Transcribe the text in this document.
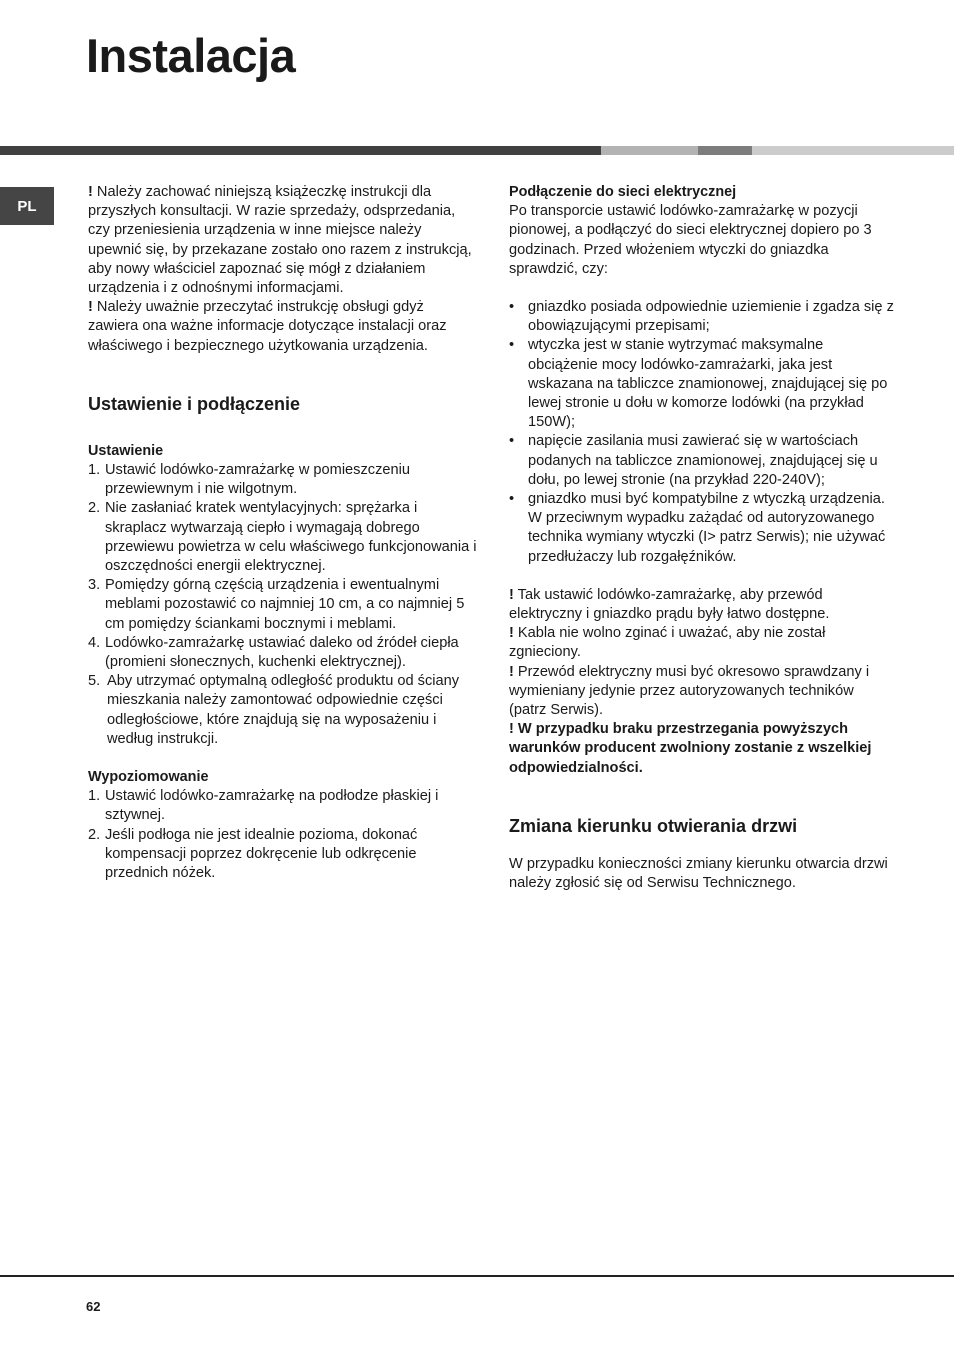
Instalacja
PL

! Należy zachować niniejszą książeczkę instrukcji dla przyszłych konsultacji. W razie sprzedaży, odsprzedania, czy przeniesienia urządzenia w inne miejsce należy upewnić się, by przekazane zostało ono razem z instrukcją, aby nowy właściciel zapoznać się mógł z działaniem urządzenia i z odnośnymi informacjami.

! Należy uważnie przeczytać instrukcję obsługi gdyż zawiera ona ważne informacje dotyczące instalacji oraz właściwego i bezpiecznego użytkowania urządzenia.

Ustawienie i podłączenie
Ustawienie
1. Ustawić lodówko-zamrażarkę w pomieszczeniu przewiewnym i nie wilgotnym.
2. Nie zasłaniać kratek wentylacyjnych: sprężarka i skraplacz wytwarzają ciepło i wymagają dobrego przewiewu powietrza w celu właściwego funkcjonowania i oszczędności energii elektrycznej.
3. Pomiędzy górną częścią urządzenia i ewentualnymi meblami pozostawić co najmniej 10 cm, a co najmniej 5 cm pomiędzy ściankami bocznymi i meblami.
4. Lodówko-zamrażarkę ustawiać daleko od źródeł ciepła (promieni słonecznych, kuchenki elektrycznej).
5. Aby utrzymać optymalną odległość produktu od ściany mieszkania należy zamontować odpowiednie części odległościowe, które znajdują się na wyposażeniu i według instrukcji.
Wypoziomowanie
1. Ustawić lodówko-zamrażarkę na podłodze płaskiej i sztywnej.
2. Jeśli podłoga nie jest idealnie pozioma, dokonać kompensacji poprzez dokręcenie lub odkręcenie przednich nóżek.
Podłączenie do sieci elektrycznej

Po transporcie ustawić lodówko-zamrażarkę w pozycji pionowej, a podłączyć do sieci elektrycznej dopiero po 3 godzinach. Przed włożeniem wtyczki do gniazdka sprawdzić, czy:

• gniazdko posiada odpowiednie uziemienie i zgadza się z obowiązującymi przepisami;
• wtyczka jest w stanie wytrzymać maksymalne obciążenie mocy lodówko-zamrażarki, jaka jest wskazana na tabliczce znamionowej, znajdującej się po lewej stronie u dołu w komorze lodówki (na przykład 150W);
• napięcie zasilania musi zawierać się w wartościach podanych na tabliczce znamionowej, znajdującej się u dołu, po lewej stronie (na przykład 220-240V);
• gniazdko musi być kompatybilne z wtyczką urządzenia.
W przeciwnym wypadku zażądać od autoryzowanego technika wymiany wtyczki (I> patrz Serwis); nie używać przedłużaczy lub rozgałęźników.

! Tak ustawić lodówko-zamrażarkę, aby przewód elektryczny i gniazdko prądu były łatwo dostępne.

! Kabla nie wolno zginać i uważać, aby nie został zgnieciony.

! Przewód elektryczny musi być okresowo sprawdzany i wymieniany jedynie przez autoryzowanych techników (patrz Serwis).

! W przypadku braku przestrzegania powyższych warunków producent zwolniony zostanie z wszelkiej odpowiedzialności.

Zmiana kierunku otwierania drzwi

W przypadku konieczności zmiany kierunku otwarcia drzwi należy zgłosić się od Serwisu Technicznego.

62
